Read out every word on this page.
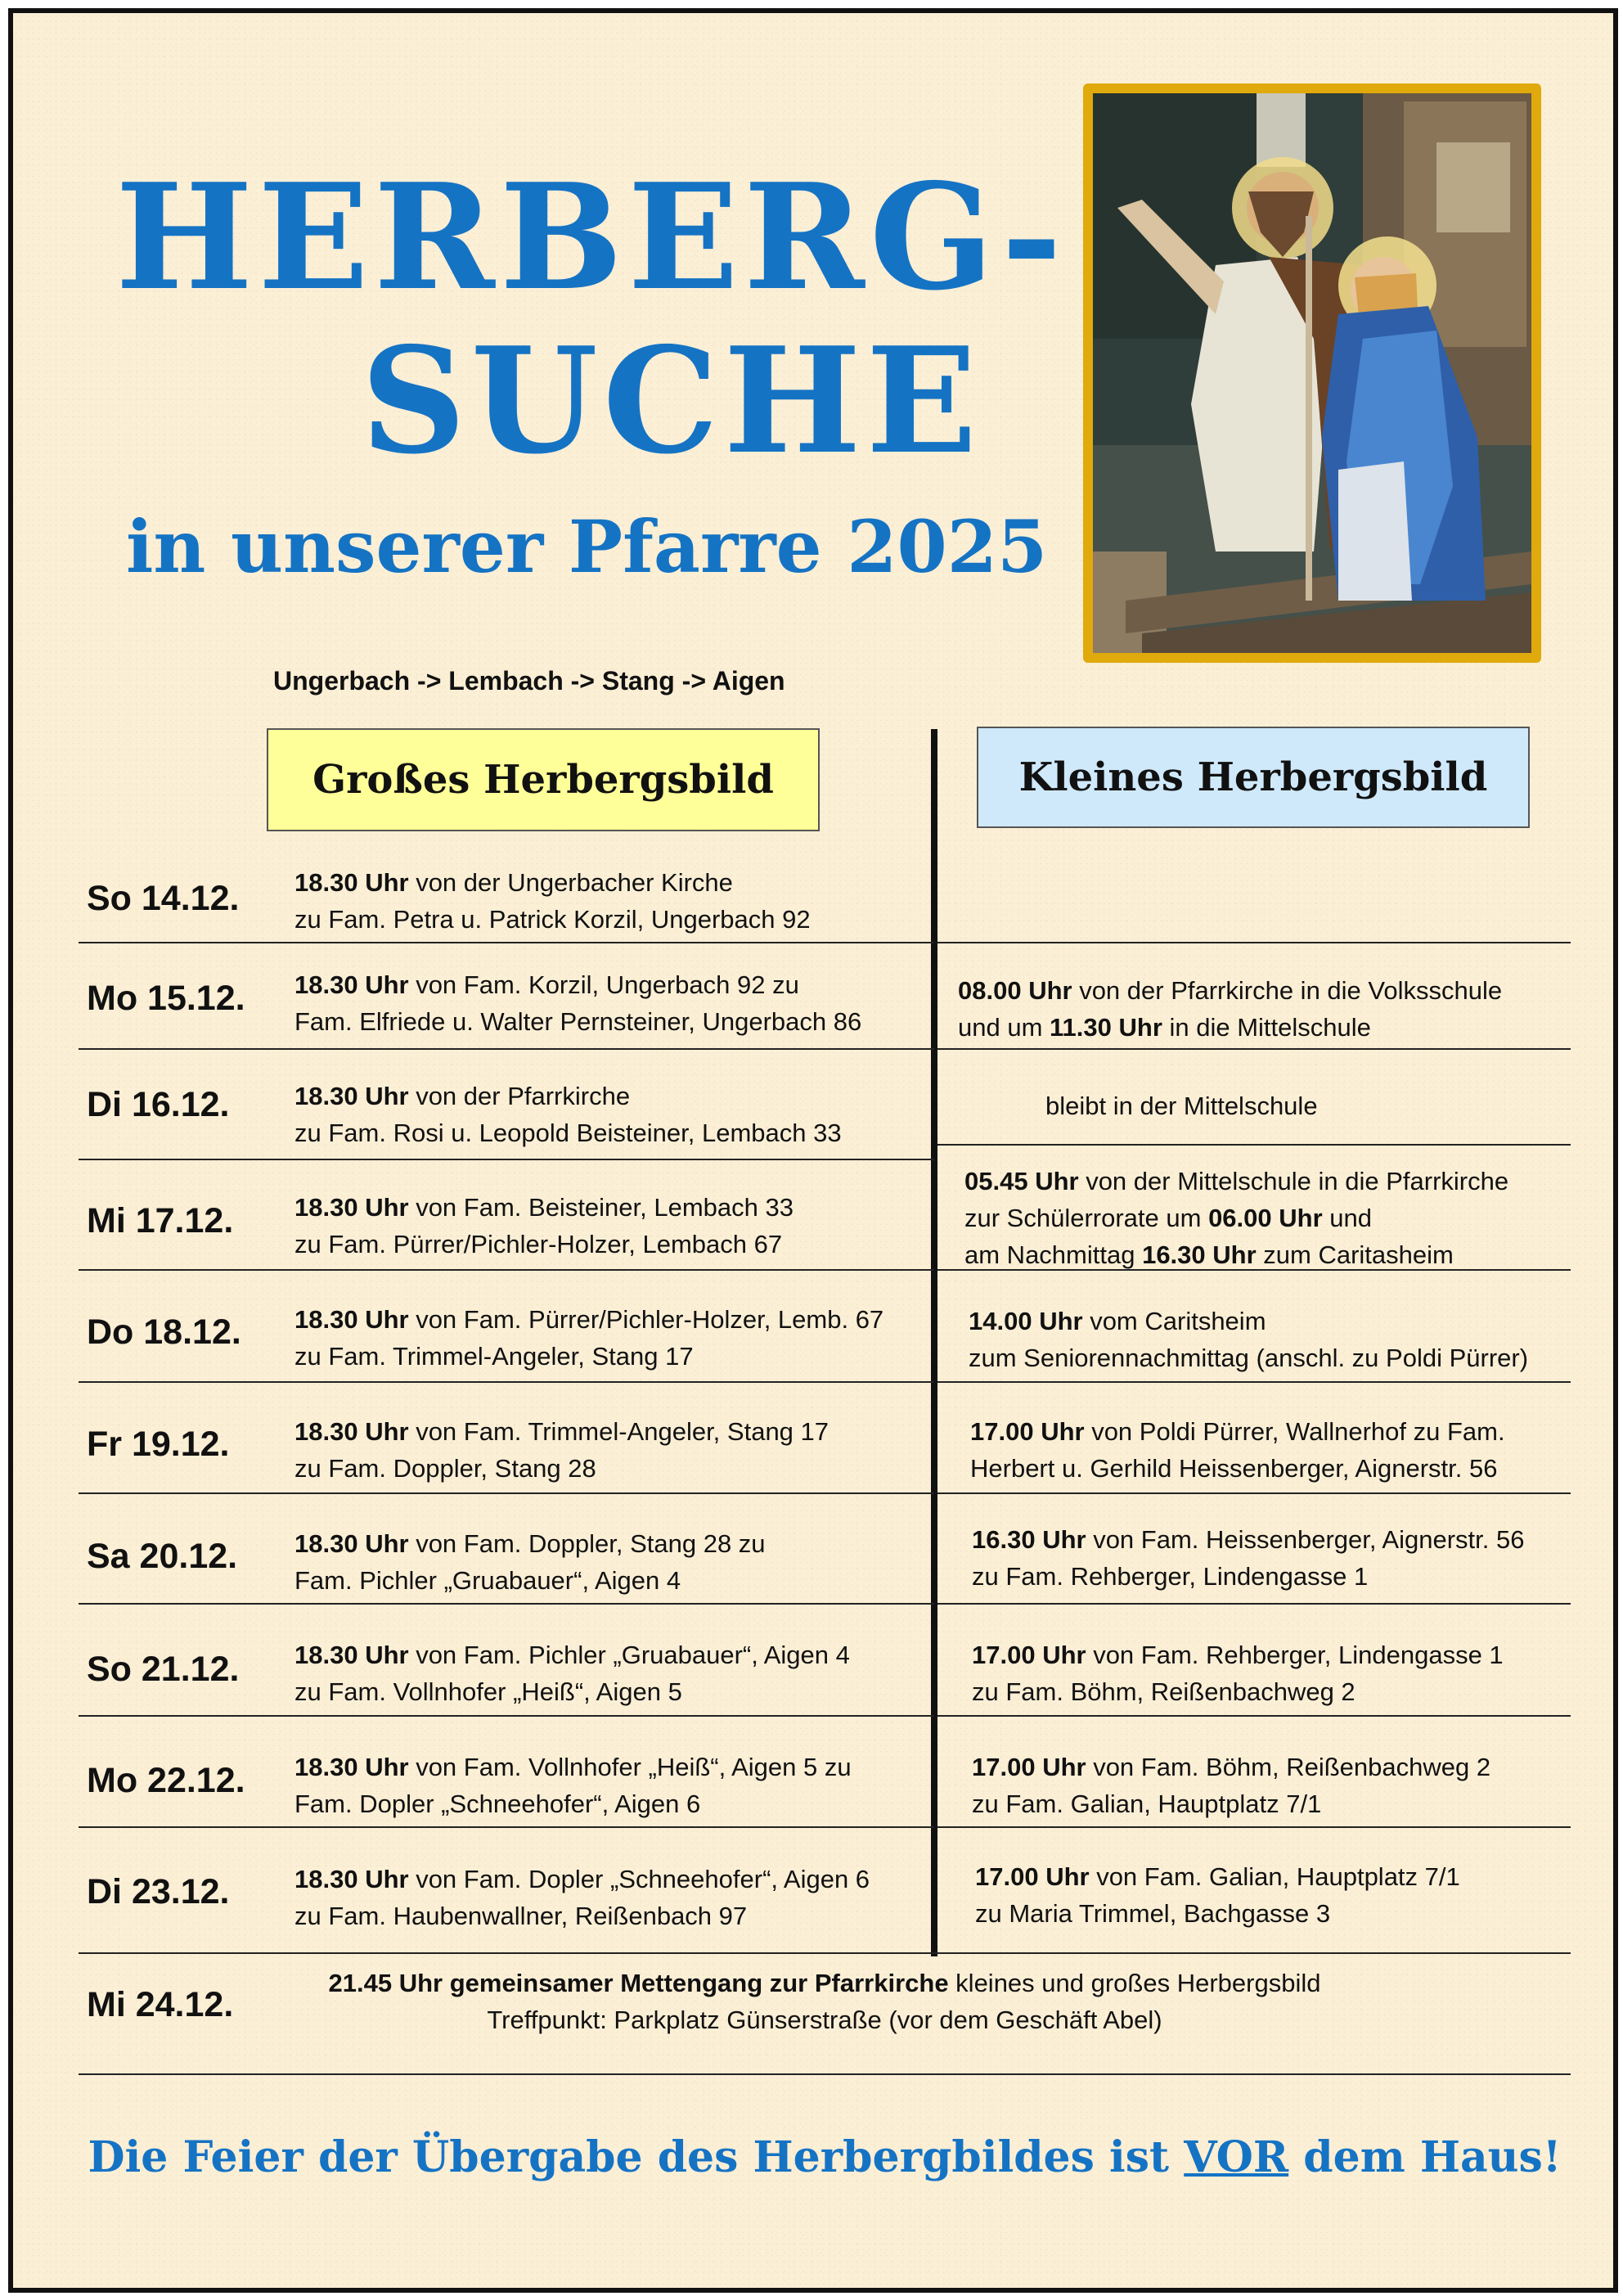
HERBERG-
SUCHE
in unserer Pfarre 2025
Ungerbach -> Lembach -> Stang -> Aigen
Großes Herbergsbild	Kleines Herbergsbild
So 14.12.
Mo 15.12.
Di 16.12.
Mi 17.12.
Do 18.12.
Fr 19.12.
Sa 20.12.
So 21.12.
Mo 22.12.
Di 23.12.
Mi 24.12.
18.30 Uhr von der Ungerbacher Kirche
zu Fam. Petra u. Patrick Korzil, Ungerbach 92
18.30 Uhr von Fam. Korzil, Ungerbach 92 zu
Fam. Elfriede u. Walter Pernsteiner, Ungerbach 86
18.30 Uhr von der Pfarrkirche
zu Fam. Rosi u. Leopold Beisteiner, Lembach 33
18.30 Uhr von Fam. Beisteiner, Lembach 33
zu Fam. Pürrer/Pichler-Holzer, Lembach 67
18.30 Uhr von Fam. Pürrer/Pichler-Holzer, Lemb. 67
zu Fam. Trimmel-Angeler, Stang 17
18.30 Uhr von Fam. Trimmel-Angeler, Stang 17
zu Fam. Doppler, Stang 28
18.30 Uhr von Fam. Doppler, Stang 28 zu
Fam. Pichler „Gruabauer“, Aigen 4
18.30 Uhr von Fam. Pichler „Gruabauer“, Aigen 4
zu Fam. Vollnhofer „Heiß“, Aigen 5
18.30 Uhr von Fam. Vollnhofer „Heiß“, Aigen 5 zu
Fam. Dopler „Schneehofer“, Aigen 6
18.30 Uhr von Fam. Dopler „Schneehofer“, Aigen 6
zu Fam. Haubenwallner, Reißenbach 97
08.00 Uhr von der Pfarrkirche in die Volksschule
und um 11.30 Uhr in die Mittelschule
bleibt in der Mittelschule
05.45 Uhr von der Mittelschule in die Pfarrkirche
zur Schülerrorate um 06.00 Uhr und
am Nachmittag 16.30 Uhr zum Caritasheim
14.00 Uhr vom Caritsheim
zum Seniorennachmittag (anschl. zu Poldi Pürrer)
17.00 Uhr von Poldi Pürrer, Wallnerhof zu Fam.
Herbert u. Gerhild Heissenberger, Aignerstr. 56
16.30 Uhr von Fam. Heissenberger, Aignerstr. 56
zu Fam. Rehberger, Lindengasse 1
17.00 Uhr von Fam. Rehberger, Lindengasse 1
zu Fam. Böhm, Reißenbachweg 2
17.00 Uhr von Fam. Böhm, Reißenbachweg 2
zu Fam. Galian, Hauptplatz 7/1
17.00 Uhr von Fam. Galian, Hauptplatz 7/1
zu Maria Trimmel, Bachgasse 3
21.45 Uhr gemeinsamer Mettengang zur Pfarrkirche kleines und großes Herbergsbild
Treffpunkt: Parkplatz Günserstraße (vor dem Geschäft Abel)
Die Feier der Übergabe des Herbergbildes ist VOR dem Haus!
